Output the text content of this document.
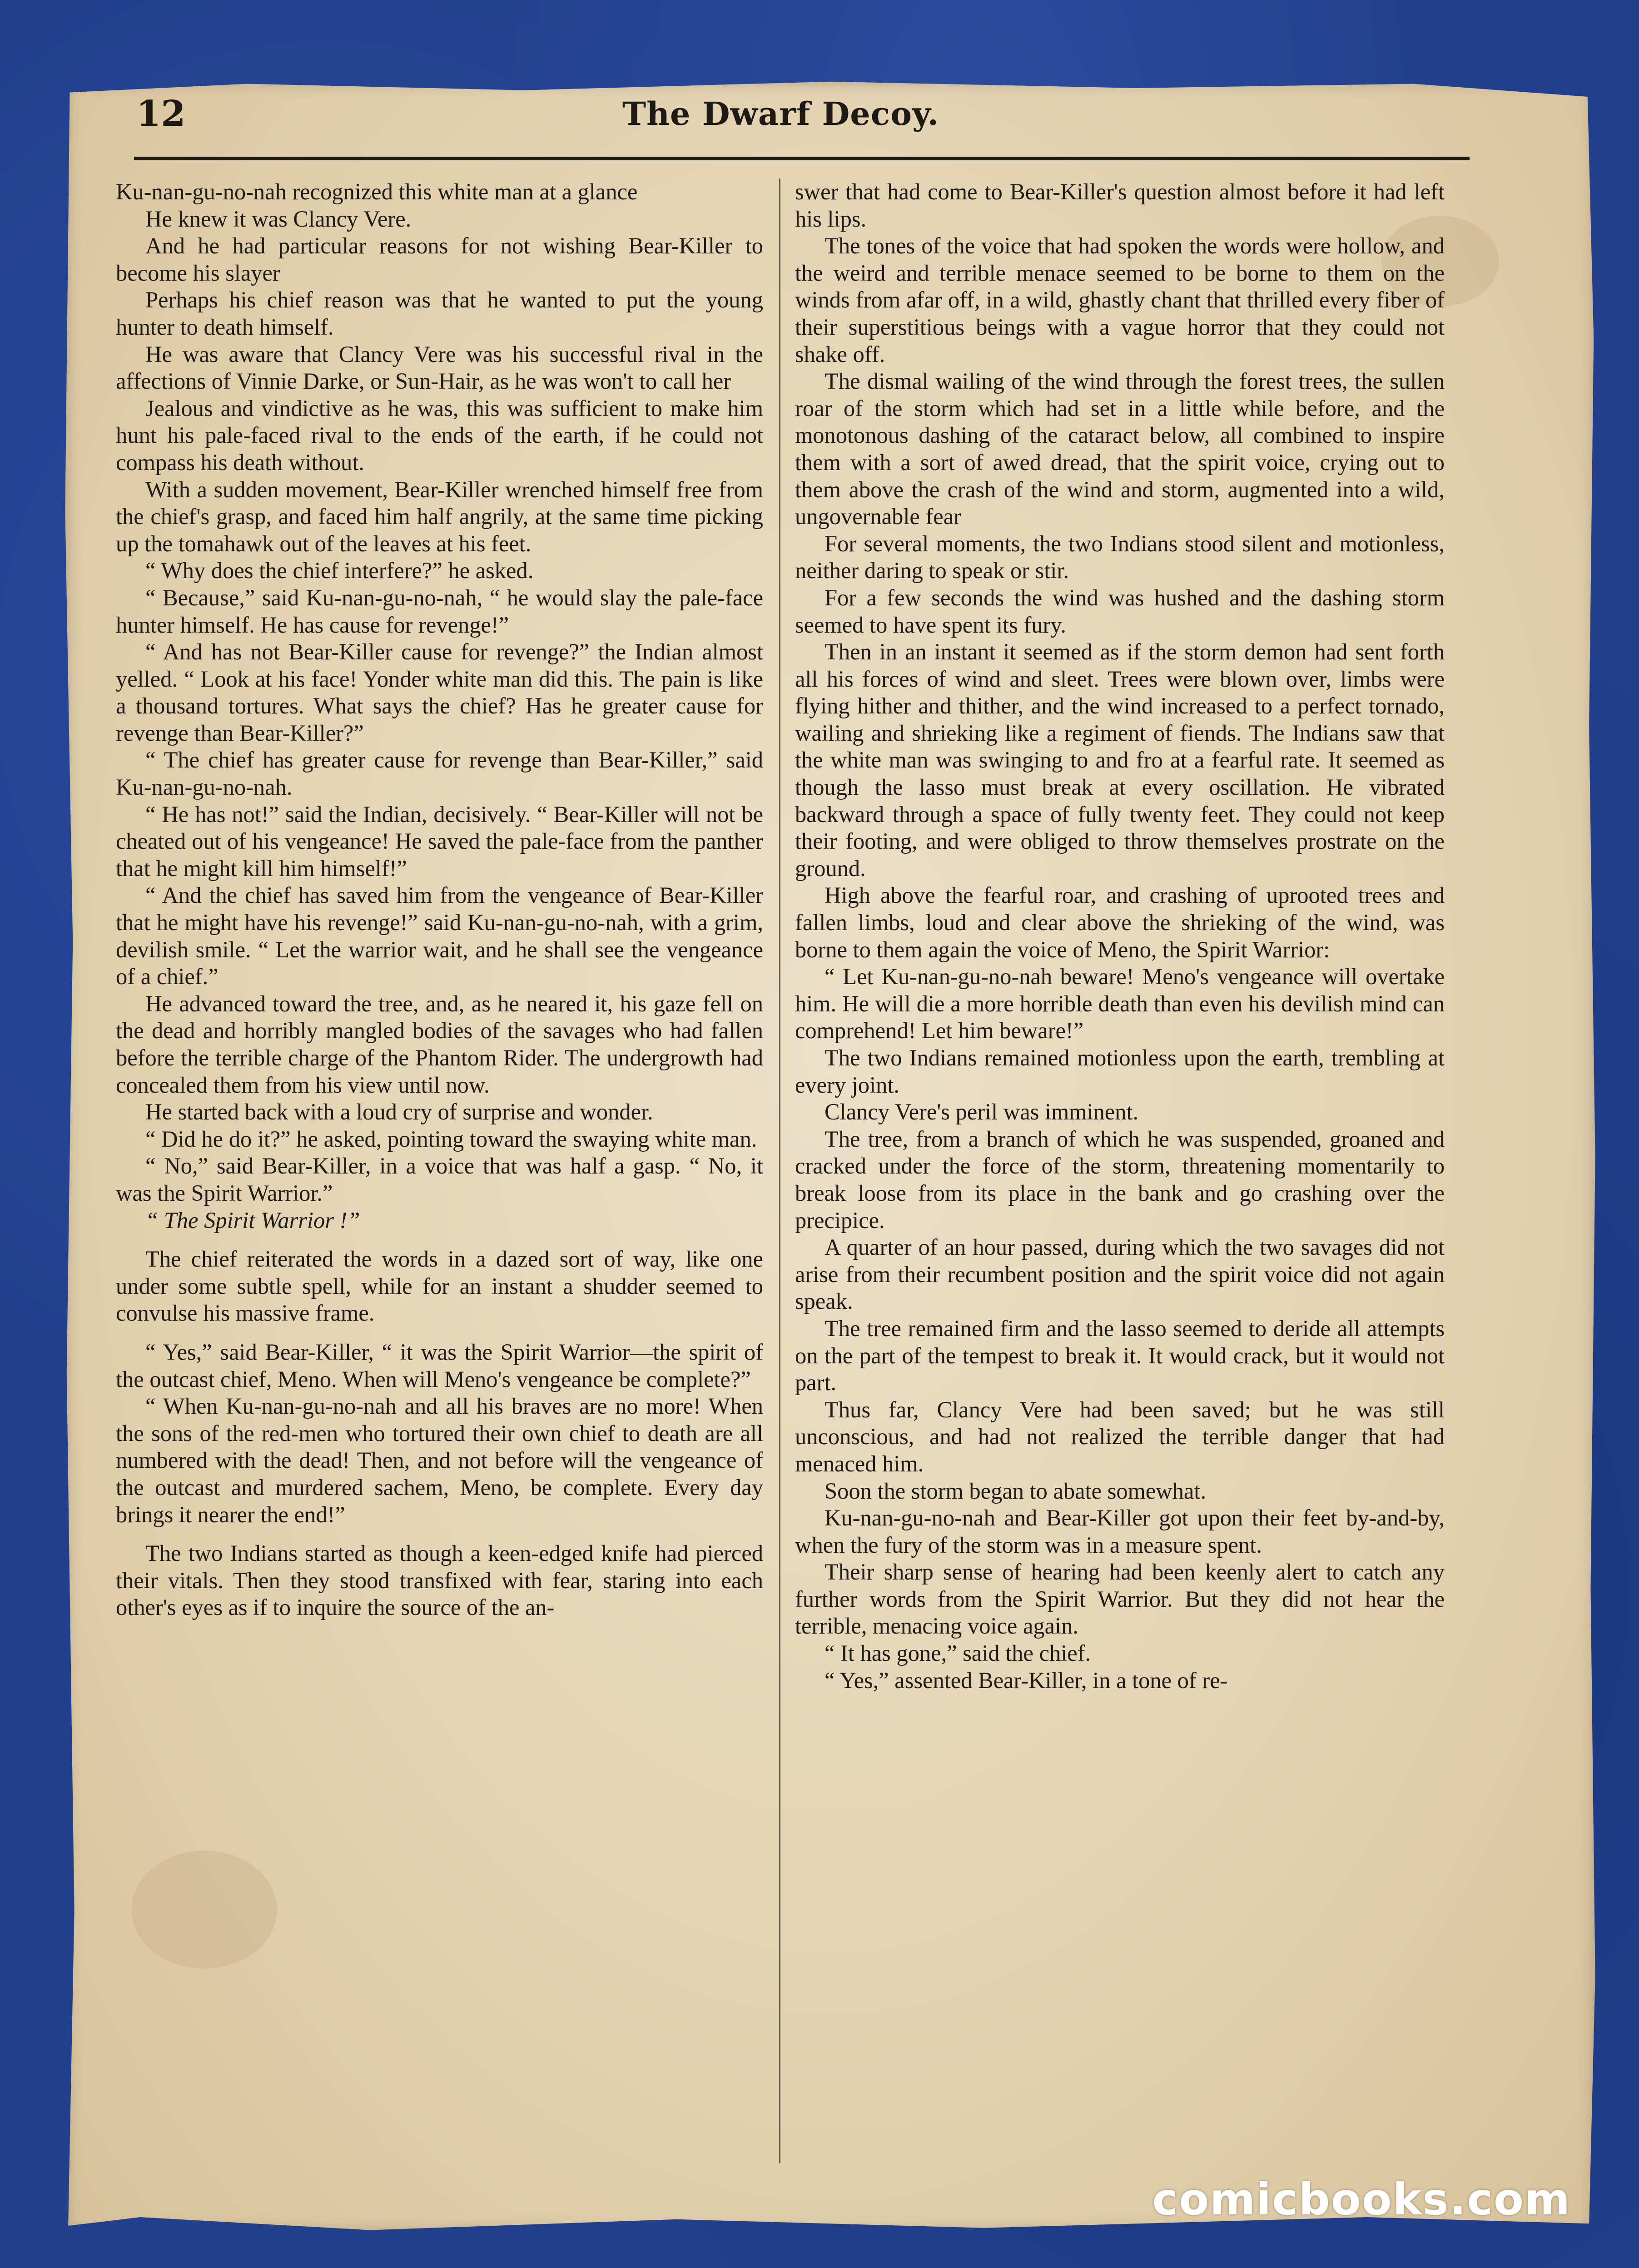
12	The Dwarf Decoy.

Ku-nan-gu-no-nah recognized this white man at a glance

He knew it was Clancy Vere.

And he had particular reasons for not wishing Bear-Killer to become his slayer

Perhaps his chief reason was that he wanted to put the young hunter to death himself.

He was aware that Clancy Vere was his successful rival in the affections of Vinnie Darke, or Sun-Hair, as he was won't to call her

Jealous and vindictive as he was, this was sufficient to make him hunt his pale-faced rival to the ends of the earth, if he could not compass his death without.

With a sudden movement, Bear-Killer wrenched himself free from the chief's grasp, and faced him half angrily, at the same time picking up the tomahawk out of the leaves at his feet.

“ Why does the chief interfere?” he asked.

“ Because,” said Ku-nan-gu-no-nah, “ he would slay the pale-face hunter himself. He has cause for revenge!”

“ And has not Bear-Killer cause for revenge?” the Indian almost yelled. “ Look at his face! Yonder white man did this. The pain is like a thousand tortures. What says the chief? Has he greater cause for revenge than Bear-Killer?”

“ The chief has greater cause for revenge than Bear-Killer,” said Ku-nan-gu-no-nah.

“ He has not!” said the Indian, decisively. “ Bear-Killer will not be cheated out of his vengeance! He saved the pale-face from the panther that he might kill him himself!”

“ And the chief has saved him from the vengeance of Bear-Killer that he might have his revenge!” said Ku-nan-gu-no-nah, with a grim, devilish smile. “ Let the warrior wait, and he shall see the vengeance of a chief.”

He advanced toward the tree, and, as he neared it, his gaze fell on the dead and horribly mangled bodies of the savages who had fallen before the terrible charge of the Phantom Rider. The undergrowth had concealed them from his view until now.

He started back with a loud cry of surprise and wonder.

“ Did he do it?” he asked, pointing toward the swaying white man.

“ No,” said Bear-Killer, in a voice that was half a gasp. “ No, it was the Spirit Warrior.”

“ The Spirit Warrior !”

The chief reiterated the words in a dazed sort of way, like one under some subtle spell, while for an instant a shudder seemed to convulse his massive frame.

“ Yes,” said Bear-Killer, “ it was the Spirit Warrior—the spirit of the outcast chief, Meno. When will Meno's vengeance be complete?”

“ When Ku-nan-gu-no-nah and all his braves are no more! When the sons of the red-men who tortured their own chief to death are all numbered with the dead! Then, and not before will the vengeance of the outcast and murdered sachem, Meno, be complete. Every day brings it nearer the end!”

The two Indians started as though a keen-edged knife had pierced their vitals. Then they stood transfixed with fear, staring into each other's eyes as if to inquire the source of the an-

swer that had come to Bear-Killer's question almost before it had left his lips.

The tones of the voice that had spoken the words were hollow, and the weird and terrible menace seemed to be borne to them on the winds from afar off, in a wild, ghastly chant that thrilled every fiber of their superstitious beings with a vague horror that they could not shake off.

The dismal wailing of the wind through the forest trees, the sullen roar of the storm which had set in a little while before, and the monotonous dashing of the cataract below, all combined to inspire them with a sort of awed dread, that the spirit voice, crying out to them above the crash of the wind and storm, augmented into a wild, ungovernable fear

For several moments, the two Indians stood silent and motionless, neither daring to speak or stir.

For a few seconds the wind was hushed and the dashing storm seemed to have spent its fury.

Then in an instant it seemed as if the storm demon had sent forth all his forces of wind and sleet. Trees were blown over, limbs were flying hither and thither, and the wind increased to a perfect tornado, wailing and shrieking like a regiment of fiends. The Indians saw that the white man was swinging to and fro at a fearful rate. It seemed as though the lasso must break at every oscillation. He vibrated backward through a space of fully twenty feet. They could not keep their footing, and were obliged to throw themselves prostrate on the ground.

High above the fearful roar, and crashing of uprooted trees and fallen limbs, loud and clear above the shrieking of the wind, was borne to them again the voice of Meno, the Spirit Warrior:

“ Let Ku-nan-gu-no-nah beware! Meno's vengeance will overtake him. He will die a more horrible death than even his devilish mind can comprehend! Let him beware!”

The two Indians remained motionless upon the earth, trembling at every joint.

Clancy Vere's peril was imminent.

The tree, from a branch of which he was suspended, groaned and cracked under the force of the storm, threatening momentarily to break loose from its place in the bank and go crashing over the precipice.

A quarter of an hour passed, during which the two savages did not arise from their recumbent position and the spirit voice did not again speak.

The tree remained firm and the lasso seemed to deride all attempts on the part of the tempest to break it. It would crack, but it would not part.

Thus far, Clancy Vere had been saved; but he was still unconscious, and had not realized the terrible danger that had menaced him.

Soon the storm began to abate somewhat.

Ku-nan-gu-no-nah and Bear-Killer got upon their feet by-and-by, when the fury of the storm was in a measure spent.

Their sharp sense of hearing had been keenly alert to catch any further words from the Spirit Warrior. But they did not hear the terrible, menacing voice again.

“ It has gone,” said the chief.

“ Yes,” assented Bear-Killer, in a tone of re-

comicbooks.com
